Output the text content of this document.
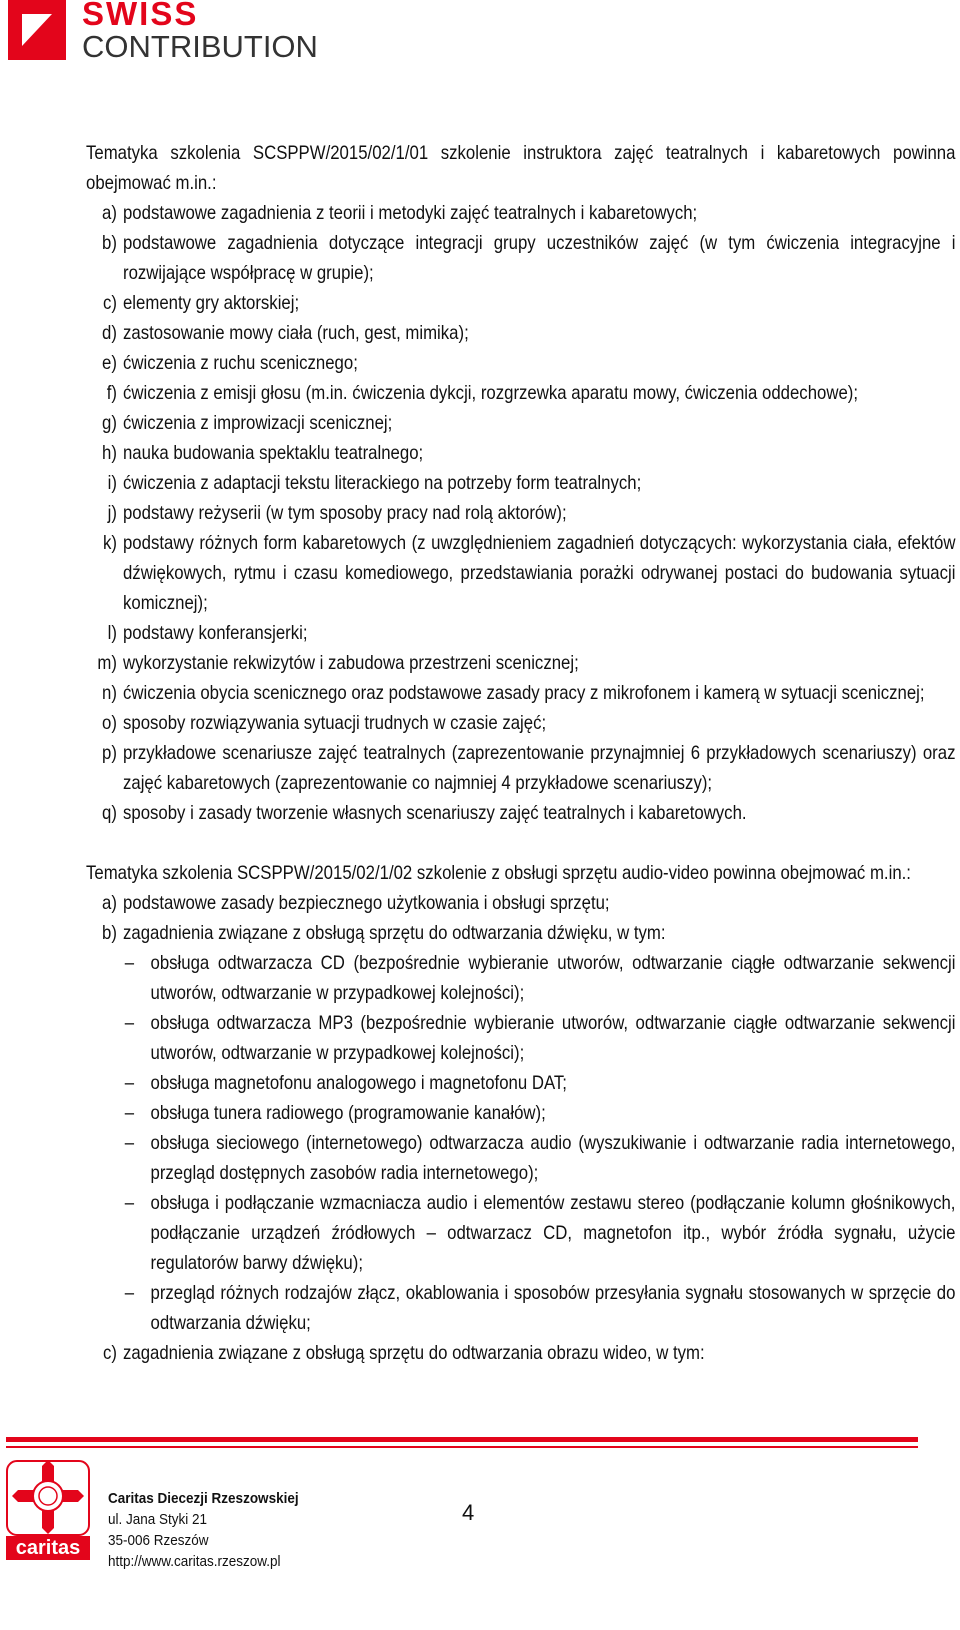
SWISS
CONTRIBUTION

Tematyka szkolenia SCSPPW/2015/02/1/01 szkolenie instruktora zajęć teatralnych i kabaretowych powinna obejmować m.in.:

a) podstawowe zagadnienia z teorii i metodyki zajęć teatralnych i kabaretowych;
b) podstawowe zagadnienia dotyczące integracji grupy uczestników zajęć (w tym ćwiczenia integracyjne i rozwijające współpracę w grupie);
c) elementy gry aktorskiej;
d) zastosowanie mowy ciała (ruch, gest, mimika);
e) ćwiczenia z ruchu scenicznego;
f) ćwiczenia z emisji głosu (m.in. ćwiczenia dykcji, rozgrzewka aparatu mowy, ćwiczenia oddechowe);
g) ćwiczenia z improwizacji scenicznej;
h) nauka budowania spektaklu teatralnego;
i) ćwiczenia z adaptacji tekstu literackiego na potrzeby form teatralnych;
j) podstawy reżyserii (w tym sposoby pracy nad rolą aktorów);
k) podstawy różnych form kabaretowych (z uwzględnieniem zagadnień dotyczących: wykorzystania ciała, efektów dźwiękowych, rytmu i czasu komediowego, przedstawiania porażki odrywanej postaci do budowania sytuacji komicznej);
l) podstawy konferansjerki;
m) wykorzystanie rekwizytów i zabudowa przestrzeni scenicznej;
n) ćwiczenia obycia scenicznego oraz podstawowe zasady pracy z mikrofonem i kamerą w sytuacji scenicznej;
o) sposoby rozwiązywania sytuacji trudnych w czasie zajęć;
p) przykładowe scenariusze zajęć teatralnych (zaprezentowanie przynajmniej 6 przykładowych scenariuszy) oraz zajęć kabaretowych (zaprezentowanie co najmniej 4 przykładowe scenariuszy);
q) sposoby i zasady tworzenie własnych scenariuszy zajęć teatralnych i kabaretowych.

Tematyka szkolenia SCSPPW/2015/02/1/02 szkolenie z obsługi sprzętu audio-video powinna obejmować m.in.:

a) podstawowe zasady bezpiecznego użytkowania i obsługi sprzętu;
b) zagadnienia związane z obsługą sprzętu do odtwarzania dźwięku, w tym:
– obsługa odtwarzacza CD (bezpośrednie wybieranie utworów, odtwarzanie ciągłe odtwarzanie sekwencji utworów, odtwarzanie w przypadkowej kolejności);
– obsługa odtwarzacza MP3 (bezpośrednie wybieranie utworów, odtwarzanie ciągłe odtwarzanie sekwencji utworów, odtwarzanie w przypadkowej kolejności);
– obsługa magnetofonu analogowego i magnetofonu DAT;
– obsługa tunera radiowego (programowanie kanałów);
– obsługa sieciowego (internetowego) odtwarzacza audio (wyszukiwanie i odtwarzanie radia internetowego, przegląd dostępnych zasobów radia internetowego);
– obsługa i podłączanie wzmacniacza audio i elementów zestawu stereo (podłączanie kolumn głośnikowych, podłączanie urządzeń źródłowych – odtwarzacz CD, magnetofon itp., wybór źródła sygnału, użycie regulatorów barwy dźwięku);
– przegląd różnych rodzajów złącz, okablowania i sposobów przesyłania sygnału stosowanych w sprzęcie do odtwarzania dźwięku;
c) zagadnienia związane z obsługą sprzętu do odtwarzania obrazu wideo, w tym:
caritas
Caritas Diecezji Rzeszowskiej
ul. Jana Styki 21
35-006 Rzeszów
http://www.caritas.rzeszow.pl
4
